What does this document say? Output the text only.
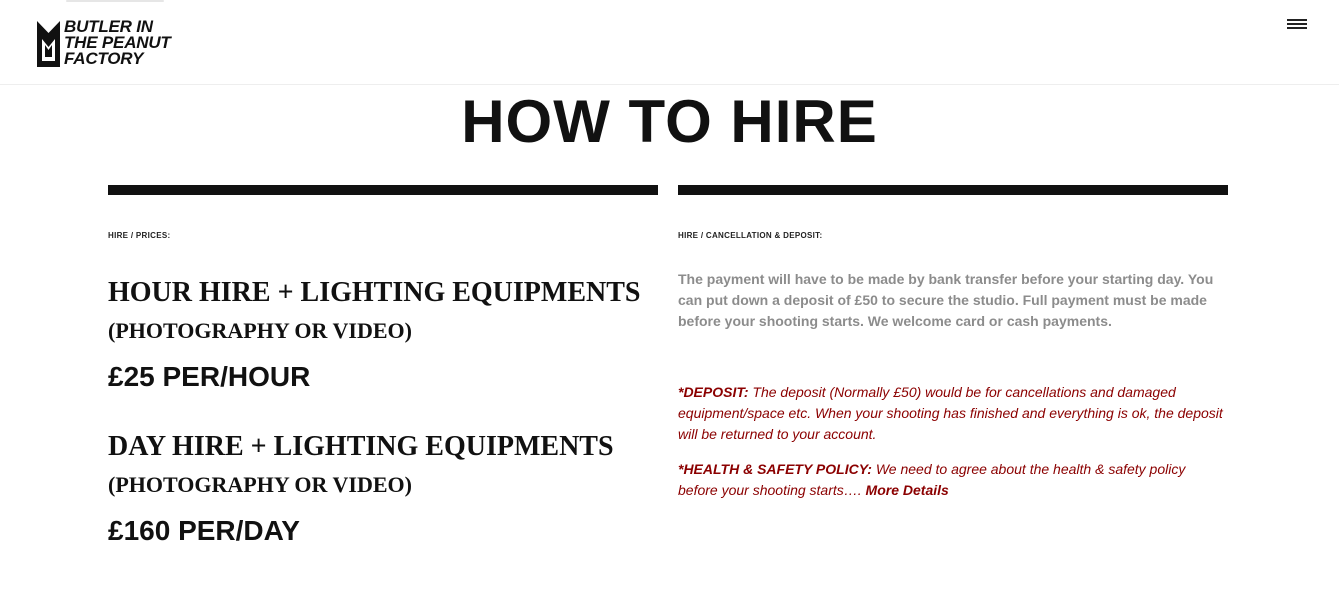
BUTLER IN
THE PEANUT
FACTORY
HOW TO HIRE
HIRE / PRICES:
HOUR HIRE + LIGHTING EQUIPMENTS
(PHOTOGRAPHY OR VIDEO)
£25 PER/HOUR
DAY HIRE + LIGHTING EQUIPMENTS
(PHOTOGRAPHY OR VIDEO)
£160 PER/DAY
HIRE / CANCELLATION & DEPOSIT:

The payment will have to be made by bank transfer before your starting day. You can put down a deposit of £50 to secure the studio. Full payment must be made before your shooting starts. We welcome card or cash payments.

*DEPOSIT: The deposit (Normally £50) would be for cancellations and damaged equipment/space etc. When your shooting has finished and everything is ok, the deposit will be returned to your account.

*HEALTH & SAFETY POLICY: We need to agree about the health & safety policy before your shooting starts…. More Details
